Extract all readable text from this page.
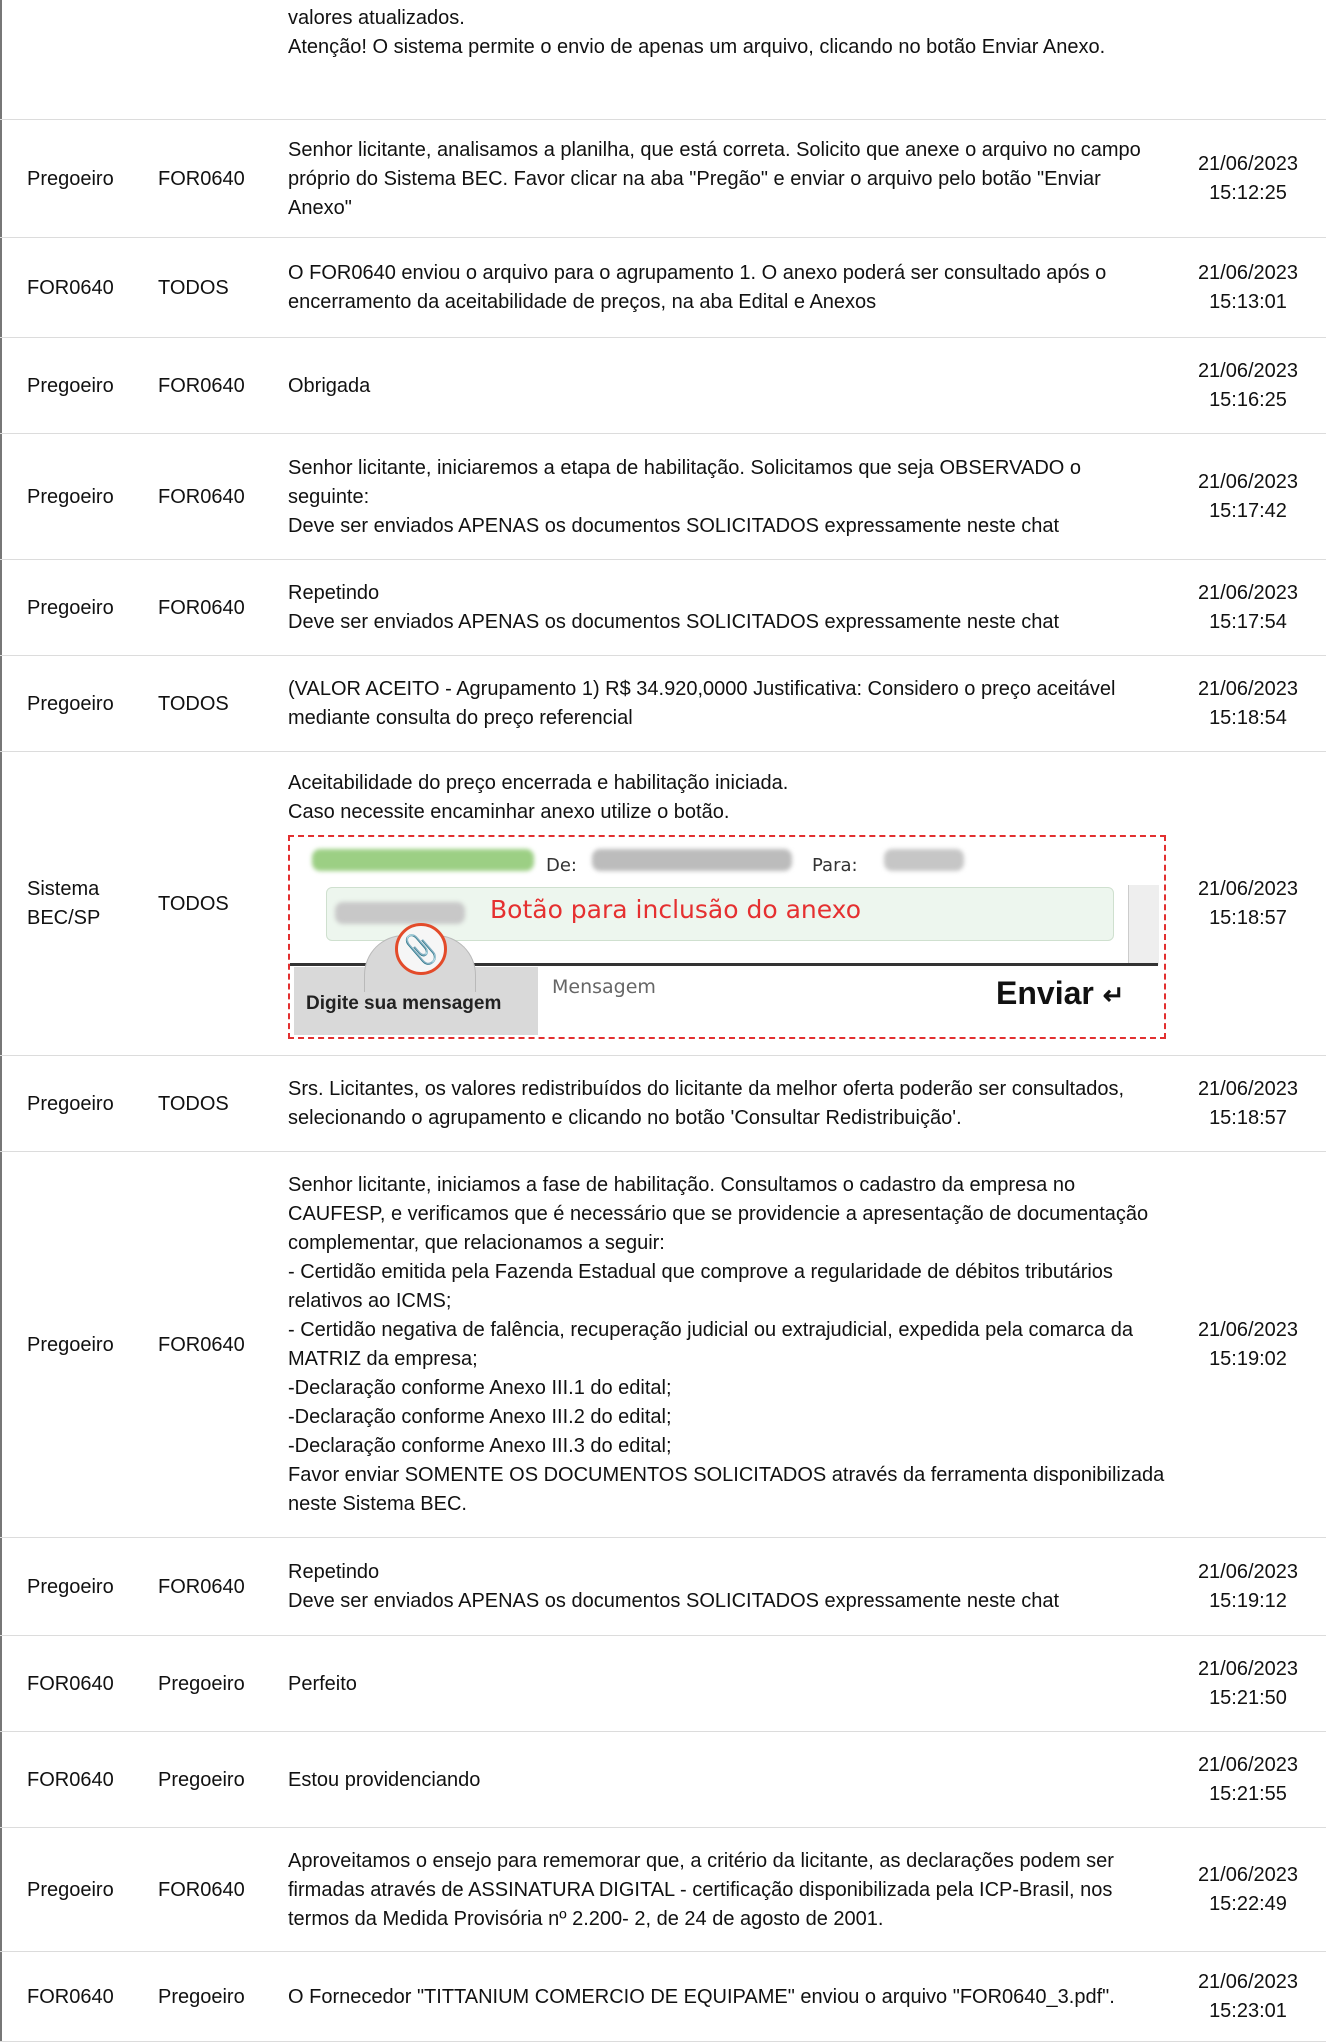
valores atualizados.
Atenção! O sistema permite o envio de apenas um arquivo, clicando no botão Enviar Anexo.
Pregoeiro FOR0640
Senhor licitante, analisamos a planilha, que está correta. Solicito que anexe o arquivo no campo próprio do Sistema BEC. Favor clicar na aba "Pregão" e enviar o arquivo pelo botão "Enviar Anexo"
21/06/2023
15:12:25
FOR0640 TODOS
O FOR0640 enviou o arquivo para o agrupamento 1. O anexo poderá ser consultado após o encerramento da aceitabilidade de preços, na aba Edital e Anexos
21/06/2023
15:13:01
Pregoeiro FOR0640 Obrigada
21/06/2023
15:16:25
Pregoeiro FOR0640
Senhor licitante, iniciaremos a etapa de habilitação. Solicitamos que seja OBSERVADO o seguinte:
Deve ser enviados APENAS os documentos SOLICITADOS expressamente neste chat
21/06/2023
15:17:42
Pregoeiro FOR0640
Repetindo
Deve ser enviados APENAS os documentos SOLICITADOS expressamente neste chat
21/06/2023
15:17:54
Pregoeiro TODOS
(VALOR ACEITO - Agrupamento 1) R$ 34.920,0000 Justificativa: Considero o preço aceitável mediante consulta do preço referencial
21/06/2023
15:18:54
Sistema
BEC/SP
TODOS
Aceitabilidade do preço encerrada e habilitação iniciada.
Caso necessite encaminhar anexo utilize o botão.
De:	Para:
Botão para inclusão do anexo
📎
Digite sua mensagem
Mensagem	Enviar ↵
21/06/2023
15:18:57
Pregoeiro TODOS
Srs. Licitantes, os valores redistribuídos do licitante da melhor oferta poderão ser consultados, selecionando o agrupamento e clicando no botão 'Consultar Redistribuição'.
21/06/2023
15:18:57
Pregoeiro FOR0640
Senhor licitante, iniciamos a fase de habilitação. Consultamos o cadastro da empresa no CAUFESP, e verificamos que é necessário que se providencie a apresentação de documentação complementar, que relacionamos a seguir:
- Certidão emitida pela Fazenda Estadual que comprove a regularidade de débitos tributários relativos ao ICMS;
- Certidão negativa de falência, recuperação judicial ou extrajudicial, expedida pela comarca da MATRIZ da empresa;
-Declaração conforme Anexo III.1 do edital;
-Declaração conforme Anexo III.2 do edital;
-Declaração conforme Anexo III.3 do edital;
Favor enviar SOMENTE OS DOCUMENTOS SOLICITADOS através da ferramenta disponibilizada neste Sistema BEC.
21/06/2023
15:19:02
Pregoeiro FOR0640
Repetindo
Deve ser enviados APENAS os documentos SOLICITADOS expressamente neste chat
21/06/2023
15:19:12
FOR0640 Pregoeiro Perfeito
21/06/2023
15:21:50
FOR0640 Pregoeiro Estou providenciando
21/06/2023
15:21:55
Pregoeiro FOR0640
Aproveitamos o ensejo para rememorar que, a critério da licitante, as declarações podem ser firmadas através de ASSINATURA DIGITAL - certificação disponibilizada pela ICP-Brasil, nos termos da Medida Provisória nº 2.200- 2, de 24 de agosto de 2001.
21/06/2023
15:22:49
FOR0640 Pregoeiro O Fornecedor "TITTANIUM COMERCIO DE EQUIPAME" enviou o arquivo "FOR0640_3.pdf".
21/06/2023
15:23:01
